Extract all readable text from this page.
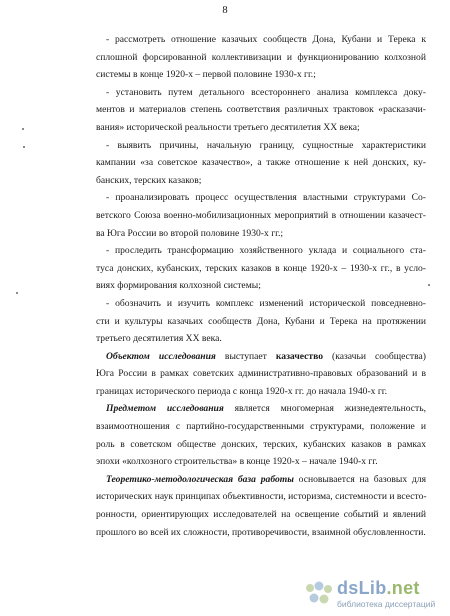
8

- рассмотреть отношение казачьих сообществ Дона, Кубани и Терека к
сплошной форсированной коллективизации и функционированию колхозной
системы в конце 1920-х – первой половине 1930-х гг.;

- установить путем детального всестороннего анализа комплекса доку-
ментов и материалов степень соответствия различных трактовок «расказачи-
вания» исторической реальности третьего десятилетия XX века;

- выявить причины, начальную границу, сущностные характеристики
кампании «за советское казачество», а также отношение к ней донских, ку-
банских, терских казаков;

- проанализировать процесс осуществления властными структурами Со-
ветского Союза военно-мобилизационных мероприятий в отношении казачест-
ва Юга России во второй половине 1930-х гг.;

- проследить трансформацию хозяйственного уклада и социального ста-
туса донских, кубанских, терских казаков в конце 1920-х – 1930-х гг., в усло-
виях формирования колхозной системы;

- обозначить и изучить комплекс изменений исторической повседневно-
сти и культуры казачьих сообществ Дона, Кубани и Терека на протяжении
третьего десятилетия XX века.

Объектом исследования выступает казачество (казачьи сообщества)
Юга России в рамках советских административно-правовых образований и в
границах исторического периода с конца 1920-х гг. до начала 1940-х гг.

Предметом исследования является многомерная жизнедеятельность,
взаимоотношения с партийно-государственными структурами, положение и
роль в советском обществе донских, терских, кубанских казаков в рамках
эпохи «колхозного строительства» в конце 1920-х – начале 1940-х гг.

Теоретико-методологическая база работы основывается на базовых для
исторических наук принципах объективности, историзма, системности и всесто-
ронности, ориентирующих исследователей на освещение событий и явлений
прошлого во всей их сложности, противоречивости, взаимной обусловленности.

dsLib.net
библиотека диссертаций
